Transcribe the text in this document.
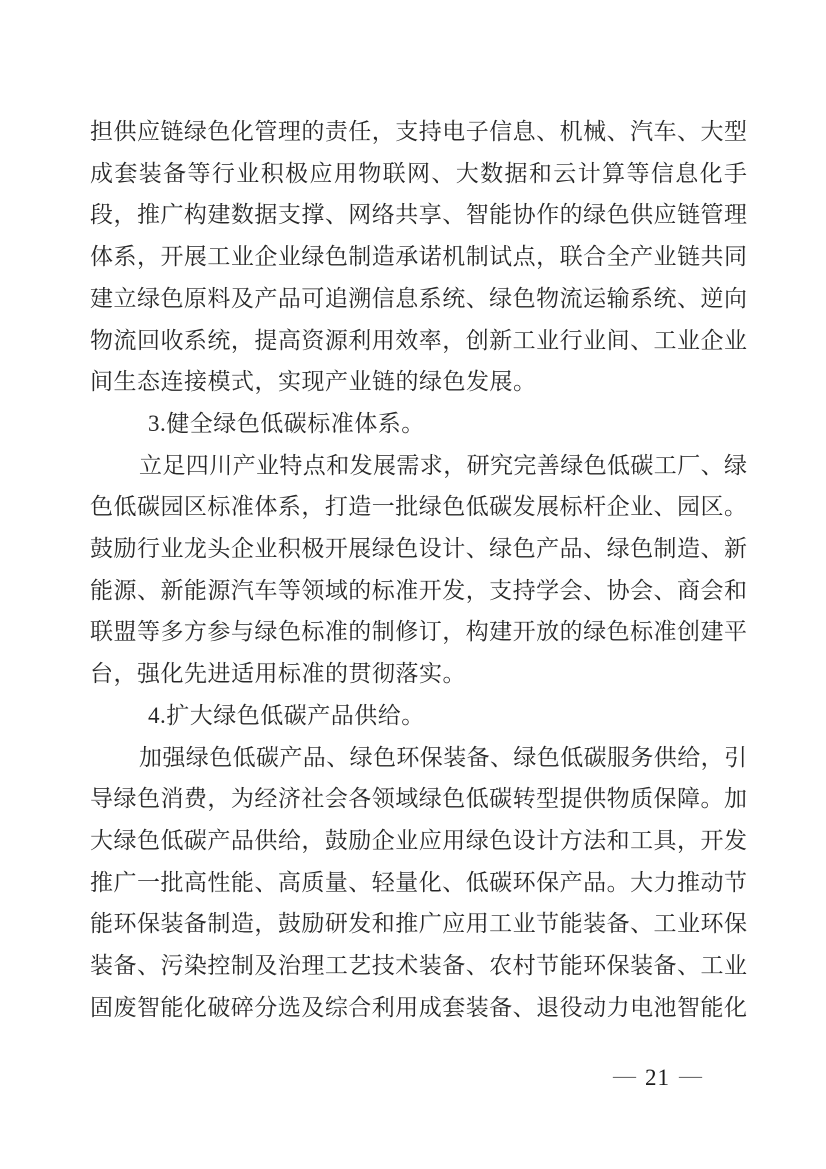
担供应链绿色化管理的责任，支持电子信息、机械、汽车、大型
成套装备等行业积极应用物联网、大数据和云计算等信息化手
段，推广构建数据支撑、网络共享、智能协作的绿色供应链管理
体系，开展工业企业绿色制造承诺机制试点，联合全产业链共同
建立绿色原料及产品可追溯信息系统、绿色物流运输系统、逆向
物流回收系统，提高资源利用效率，创新工业行业间、工业企业
间生态连接模式，实现产业链的绿色发展。
3.健全绿色低碳标准体系。
立足四川产业特点和发展需求，研究完善绿色低碳工厂、绿
色低碳园区标准体系，打造一批绿色低碳发展标杆企业、园区。
鼓励行业龙头企业积极开展绿色设计、绿色产品、绿色制造、新
能源、新能源汽车等领域的标准开发，支持学会、协会、商会和
联盟等多方参与绿色标准的制修订，构建开放的绿色标准创建平
台，强化先进适用标准的贯彻落实。
4.扩大绿色低碳产品供给。
加强绿色低碳产品、绿色环保装备、绿色低碳服务供给，引
导绿色消费，为经济社会各领域绿色低碳转型提供物质保障。加
大绿色低碳产品供给，鼓励企业应用绿色设计方法和工具，开发
推广一批高性能、高质量、轻量化、低碳环保产品。大力推动节
能环保装备制造，鼓励研发和推广应用工业节能装备、工业环保
装备、污染控制及治理工艺技术装备、农村节能环保装备、工业
固废智能化破碎分选及综合利用成套装备、退役动力电池智能化
— 21 —
